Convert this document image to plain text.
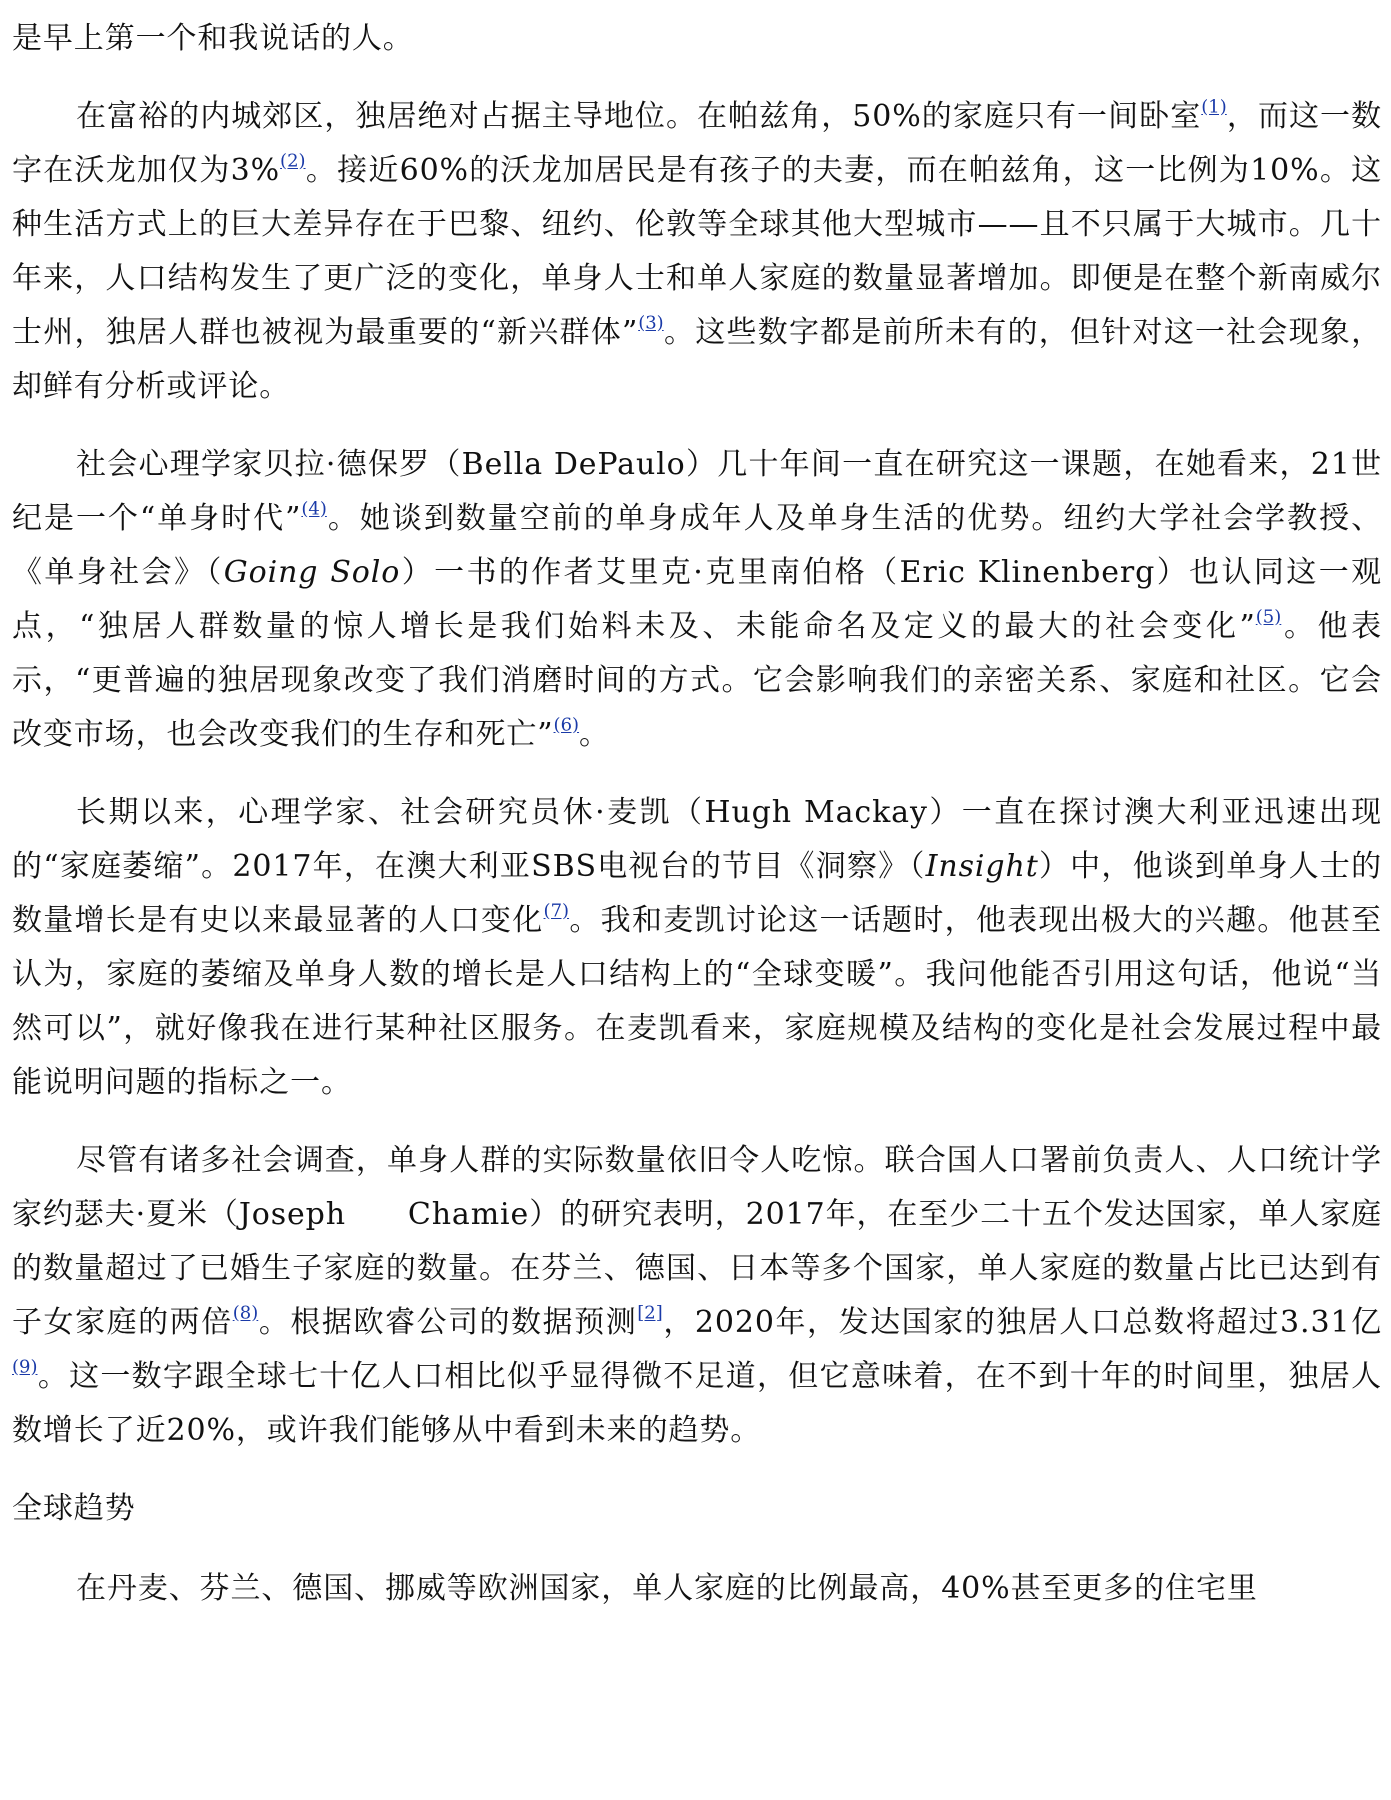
是早上第一个和我说话的人。

在富裕的内城郊区，独居绝对占据主导地位。在帕兹角，50%的家庭只有一间卧室$^{(1)}$，而这一数字在沃龙加仅为3%$^{(2)}$。接近60%的沃龙加居民是有孩子的夫妻，而在帕兹角，这一比例为10%。这种生活方式上的巨大差异存在于巴黎、纽约、伦敦等全球其他大型城市——且不只属于大城市。几十年来，人口结构发生了更广泛的变化，单身人士和单人家庭的数量显著增加。即便是在整个新南威尔士州，独居人群也被视为最重要的“新兴群体”$^{(3)}$。这些数字都是前所未有的，但针对这一社会现象，却鲜有分析或评论。

社会心理学家贝拉·德保罗（Bella DePaulo）几十年间一直在研究这一课题，在她看来，21世纪是一个“单身时代”$^{(4)}$。她谈到数量空前的单身成年人及单身生活的优势。纽约大学社会学教授、《单身社会》（Going Solo）一书的作者艾里克·克里南伯格（Eric Klinenberg）也认同这一观点，“独居人群数量的惊人增长是我们始料未及、未能命名及定义的最大的社会变化”$^{(5)}$。他表示，“更普遍的独居现象改变了我们消磨时间的方式。它会影响我们的亲密关系、家庭和社区。它会改变市场，也会改变我们的生存和死亡”$^{(6)}$。

长期以来，心理学家、社会研究员休·麦凯（Hugh Mackay）一直在探讨澳大利亚迅速出现的“家庭萎缩”。2017年，在澳大利亚SBS电视台的节目《洞察》（Insight）中，他谈到单身人士的数量增长是有史以来最显著的人口变化$^{(7)}$。我和麦凯讨论这一话题时，他表现出极大的兴趣。他甚至认为，家庭的萎缩及单身人数的增长是人口结构上的“全球变暖”。我问他能否引用这句话，他说“当然可以”，就好像我在进行某种社区服务。在麦凯看来，家庭规模及结构的变化是社会发展过程中最能说明问题的指标之一。

尽管有诸多社会调查，单身人群的实际数量依旧令人吃惊。联合国人口署前负责人、人口统计学家约瑟夫·夏米（Joseph　　Chamie）的研究表明，2017年，在至少二十五个发达国家，单人家庭的数量超过了已婚生子家庭的数量。在芬兰、德国、日本等多个国家，单人家庭的数量占比已达到有子女家庭的两倍$^{(8)}$。根据欧睿公司的数据预测[2]，2020年，发达国家的独居人口总数将超过3.31亿$^{(9)}$。这一数字跟全球七十亿人口相比似乎显得微不足道，但它意味着，在不到十年的时间里，独居人数增长了近20%，或许我们能够从中看到未来的趋势。

全球趋势

在丹麦、芬兰、德国、挪威等欧洲国家，单人家庭的比例最高，40%甚至更多的住宅里
